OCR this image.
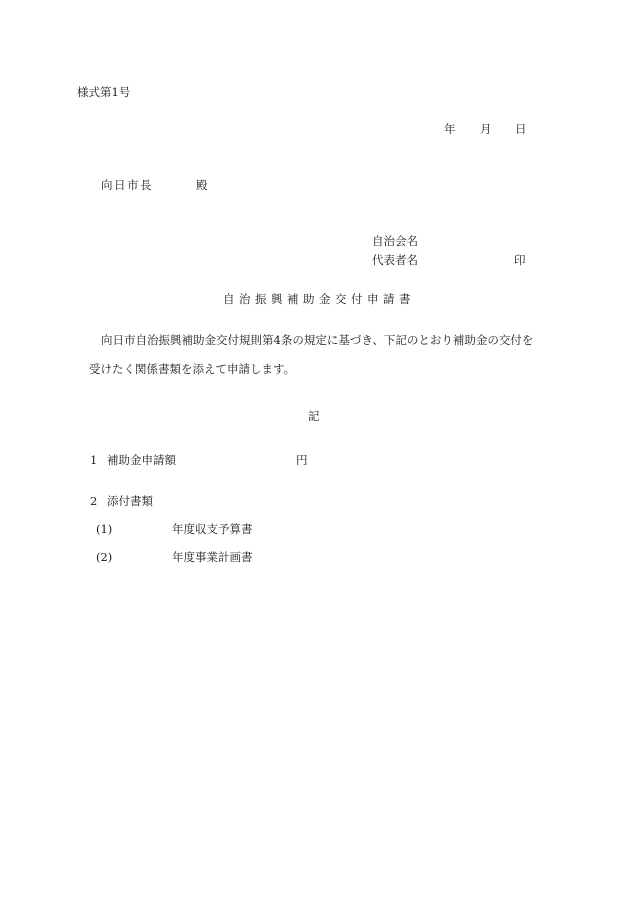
様式第1号
年 月 日
向日市長	殿
自治会名
代表者名	印
自治振興補助金交付申請書
向日市自治振興補助金交付規則第4条の規定に基づき、下記のとおり補助金の交付を
受けたく関係書類を添えて申請します。
記
1 補助金申請額	円
2 添付書類
(1)	年度収支予算書
(2)	年度事業計画書
